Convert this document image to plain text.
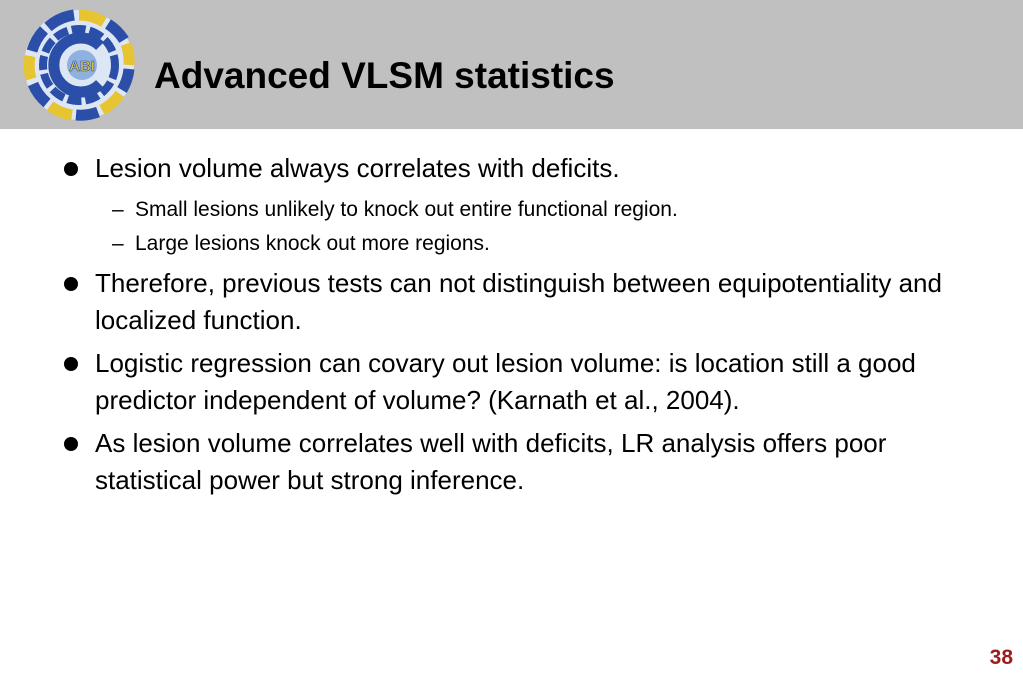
ABI Advanced VLSM statistics
Lesion volume always correlates with deficits.
– Small lesions unlikely to knock out entire functional region.
– Large lesions knock out more regions.
Therefore, previous tests can not distinguish between equipotentiality and localized function.
Logistic regression can covary out lesion volume: is location still a good predictor independent of volume? (Karnath et al., 2004).
As lesion volume correlates well with deficits, LR analysis offers poor statistical power but strong inference.
38
